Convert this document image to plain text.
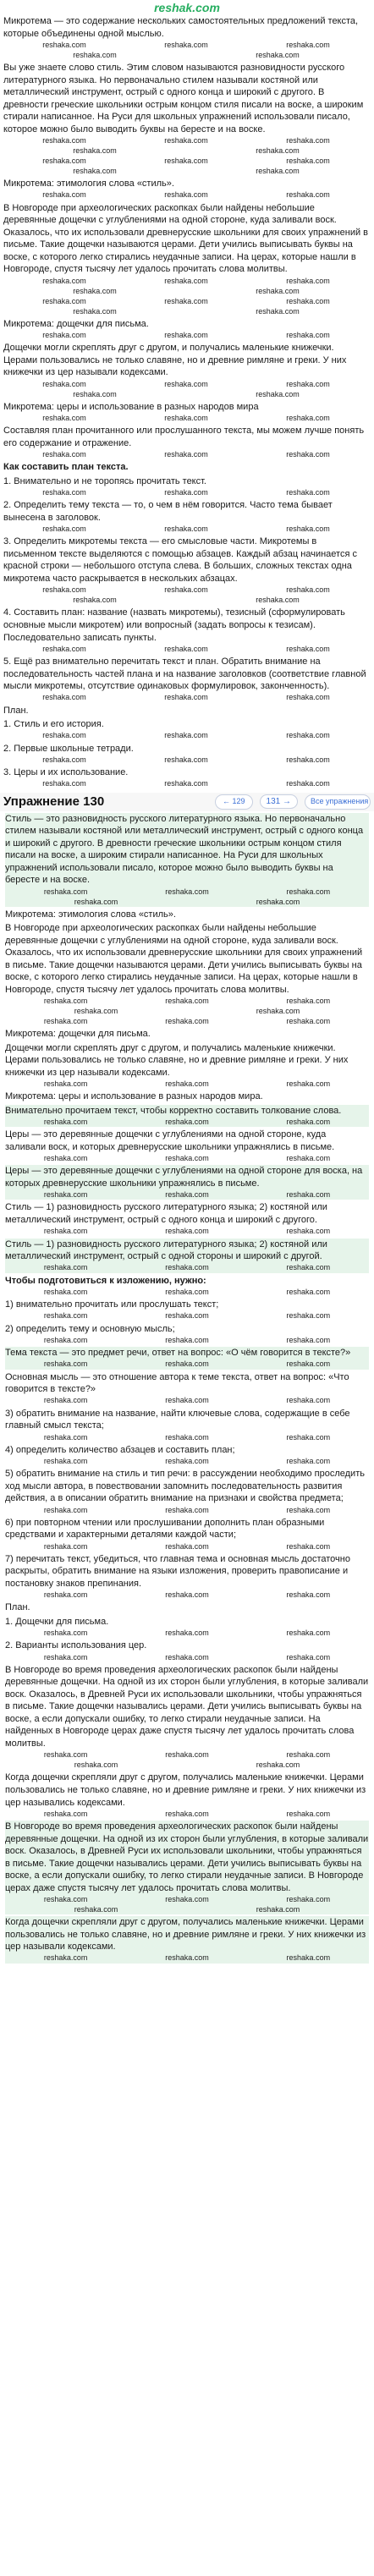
reshak.com

Микротема — это содержание нескольких самостоятельных предложений текста, которые объединены одной мыслью.

reshaka.com	reshaka.com	reshaka.com
reshaka.com	reshaka.com

Вы уже знаете слово стиль. Этим словом называются разновидности русского литературного языка. Но первоначально стилем называли костяной или металлический инструмент, острый с одного конца и широкий с другого. В древности греческие школьники острым концом стиля писали на воске, а широким стирали написанное. На Руси для школьных упражнений использовали писало, которое можно было выводить буквы на бересте и на воске.

reshaka.com	reshaka.com	reshaka.com
reshaka.com	reshaka.com
reshaka.com	reshaka.com	reshaka.com
reshaka.com	reshaka.com

Микротема: этимология слова «стиль».

reshaka.com	reshaka.com	reshaka.com

В Новгороде при археологических раскопках были найдены небольшие деревянные дощечки с углублениями на одной стороне, куда заливали воск. Оказалось, что их использовали древнерусские школьники для своих упражнений в письме. Такие дощечки называются церами. Дети учились выписывать буквы на воске, с которого легко стирались неудачные записи. На церах, которые нашли в Новгороде, спустя тысячу лет удалось прочитать слова молитвы.

reshaka.com	reshaka.com	reshaka.com
reshaka.com	reshaka.com
reshaka.com	reshaka.com	reshaka.com
reshaka.com	reshaka.com

Микротема: дощечки для письма.

reshaka.com	reshaka.com	reshaka.com

Дощечки могли скреплять друг с другом, и получались маленькие книжечки. Церами пользовались не только славяне, но и древние римляне и греки. У них книжечки из цер называли кодексами.

reshaka.com	reshaka.com	reshaka.com
reshaka.com	reshaka.com

Микротема: церы и использование в разных народов мира

reshaka.com	reshaka.com	reshaka.com

Составляя план прочитанного или прослушанного текста, мы можем лучше понять его содержание и отражение.

reshaka.com	reshaka.com	reshaka.com

Как составить план текста.

1. Внимательно и не торопясь прочитать текст.

reshaka.com	reshaka.com	reshaka.com

2. Определить тему текста — то, о чем в нём говорится. Часто тема бывает вынесена в заголовок.

reshaka.com	reshaka.com	reshaka.com

3. Определить микротемы текста — его смысловые части. Микротемы в письменном тексте выделяются с помощью абзацев. Каждый абзац начинается с красной строки — небольшого отступа слева. В больших, сложных текстах одна микротема часто раскрывается в нескольких абзацах.

reshaka.com	reshaka.com	reshaka.com
reshaka.com	reshaka.com

4. Составить план: название (назвать микротемы), тезисный (сформулировать основные мысли микротем) или вопросный (задать вопросы к тезисам). Последовательно записать пункты.

reshaka.com	reshaka.com	reshaka.com

5. Ещё раз внимательно перечитать текст и план. Обратить внимание на последовательность частей плана и на название заголовков (соответствие главной мысли микротемы, отсутствие одинаковых формулировок, законченность).

reshaka.com	reshaka.com	reshaka.com

План.

1. Стиль и его история.

reshaka.com	reshaka.com	reshaka.com

2. Первые школьные тетради.

reshaka.com	reshaka.com	reshaka.com

3. Церы и их использование.

reshaka.com	reshaka.com	reshaka.com
Упражнение 130	← 129	131 →	Все упражнения

Стиль — это разновидность русского литературного языка. Но первоначально стилем называли костяной или металлический инструмент, острый с одного конца и широкий с другого. В древности греческие школьники острым концом стиля писали на воске, а широким стирали написанное. На Руси для школьных упражнений использовали писало, которое можно было выводить буквы на бересте и на воске.

reshaka.com	reshaka.com	reshaka.com
reshaka.com	reshaka.com

Микротема: этимология слова «стиль».

В Новгороде при археологических раскопках были найдены небольшие деревянные дощечки с углублениями на одной стороне, куда заливали воск. Оказалось, что их использовали древнерусские школьники для своих упражнений в письме. Такие дощечки называются церами. Дети учились выписывать буквы на воске, с которого легко стирались неудачные записи. На церах, которые нашли в Новгороде, спустя тысячу лет удалось прочитать слова молитвы.

reshaka.com	reshaka.com	reshaka.com
reshaka.com	reshaka.com
reshaka.com	reshaka.com	reshaka.com

Микротема: дощечки для письма.

Дощечки могли скреплять друг с другом, и получались маленькие книжечки. Церами пользовались не только славяне, но и древние римляне и греки. У них книжечки из цер называли кодексами.

reshaka.com	reshaka.com	reshaka.com

Микротема: церы и использование в разных народов мира.

Внимательно прочитаем текст, чтобы корректно составить толкование слова.

reshaka.com	reshaka.com	reshaka.com

Церы — это деревянные дощечки с углублениями на одной стороне, куда заливали воск, и которых древнерусские школьники упражнялись в письме.

reshaka.com	reshaka.com	reshaka.com

Церы — это деревянные дощечки с углублениями на одной стороне для воска, на которых древнерусские школьники упражнялись в письме.

reshaka.com	reshaka.com	reshaka.com

Стиль — 1) разновидность русского литературного языка; 2) костяной или металлический инструмент, острый с одного конца и широкий с другого.

reshaka.com	reshaka.com	reshaka.com

Стиль — 1) разновидность русского литературного языка; 2) костяной или металлический инструмент, острый с одной стороны и широкий с другой.

reshaka.com	reshaka.com	reshaka.com

Чтобы подготовиться к изложению, нужно:

reshaka.com	reshaka.com	reshaka.com

1) внимательно прочитать или прослушать текст;

reshaka.com	reshaka.com	reshaka.com

2) определить тему и основную мысль;

reshaka.com	reshaka.com	reshaka.com

Тема текста — это предмет речи, ответ на вопрос: «О чём говорится в тексте?»

reshaka.com	reshaka.com	reshaka.com

Основная мысль — это отношение автора к теме текста, ответ на вопрос: «Что говорится в тексте?»

reshaka.com	reshaka.com	reshaka.com

3) обратить внимание на название, найти ключевые слова, содержащие в себе главный смысл текста;

reshaka.com	reshaka.com	reshaka.com

4) определить количество абзацев и составить план;

reshaka.com	reshaka.com	reshaka.com

5) обратить внимание на стиль и тип речи: в рассуждении необходимо проследить ход мысли автора, в повествовании запомнить последовательность развития действия, а в описании обратить внимание на признаки и свойства предмета;

reshaka.com	reshaka.com	reshaka.com

6) при повторном чтении или прослушивании дополнить план образными средствами и характерными деталями каждой части;

reshaka.com	reshaka.com	reshaka.com

7) перечитать текст, убедиться, что главная тема и основная мысль достаточно раскрыты, обратить внимание на языки изложения, проверить правописание и постановку знаков препинания.

reshaka.com	reshaka.com	reshaka.com

План.

1. Дощечки для письма.

reshaka.com	reshaka.com	reshaka.com

2. Варианты использования цер.

reshaka.com	reshaka.com	reshaka.com

В Новгороде во время проведения археологических раскопок были найдены деревянные дощечки. На одной из их сторон были углубления, в которые заливали воск. Оказалось, в Древней Руси их использовали школьники, чтобы упражняться в письме. Такие дощечки назывались церами. Дети учились выписывать буквы на воске, а если допускали ошибку, то легко стирали неудачные записи. На найденных в Новгороде церах даже спустя тысячу лет удалось прочитать слова молитвы.

reshaka.com	reshaka.com	reshaka.com
reshaka.com	reshaka.com

Когда дощечки скрепляли друг с другом, получались маленькие книжечки. Церами пользовались не только славяне, но и древние римляне и греки. У них книжечки из цер назывались кодексами.

reshaka.com	reshaka.com	reshaka.com

В Новгороде во время проведения археологических раскопок были найдены деревянные дощечки. На одной из их сторон были углубления, в которые заливали воск. Оказалось, в Древней Руси их использовали школьники, чтобы упражняться в письме. Такие дощечки назывались церами. Дети учились выписывать буквы на воске, а если допускали ошибку, то легко стирали неудачные записи. В Новгороде церах даже спустя тысячу лет удалось прочитать слова молитвы.

reshaka.com	reshaka.com	reshaka.com
reshaka.com	reshaka.com

Когда дощечки скрепляли друг с другом, получались маленькие книжечки. Церами пользовались не только славяне, но и древние римляне и греки. У них книжечки из цер называли кодексами.

reshaka.com	reshaka.com	reshaka.com
